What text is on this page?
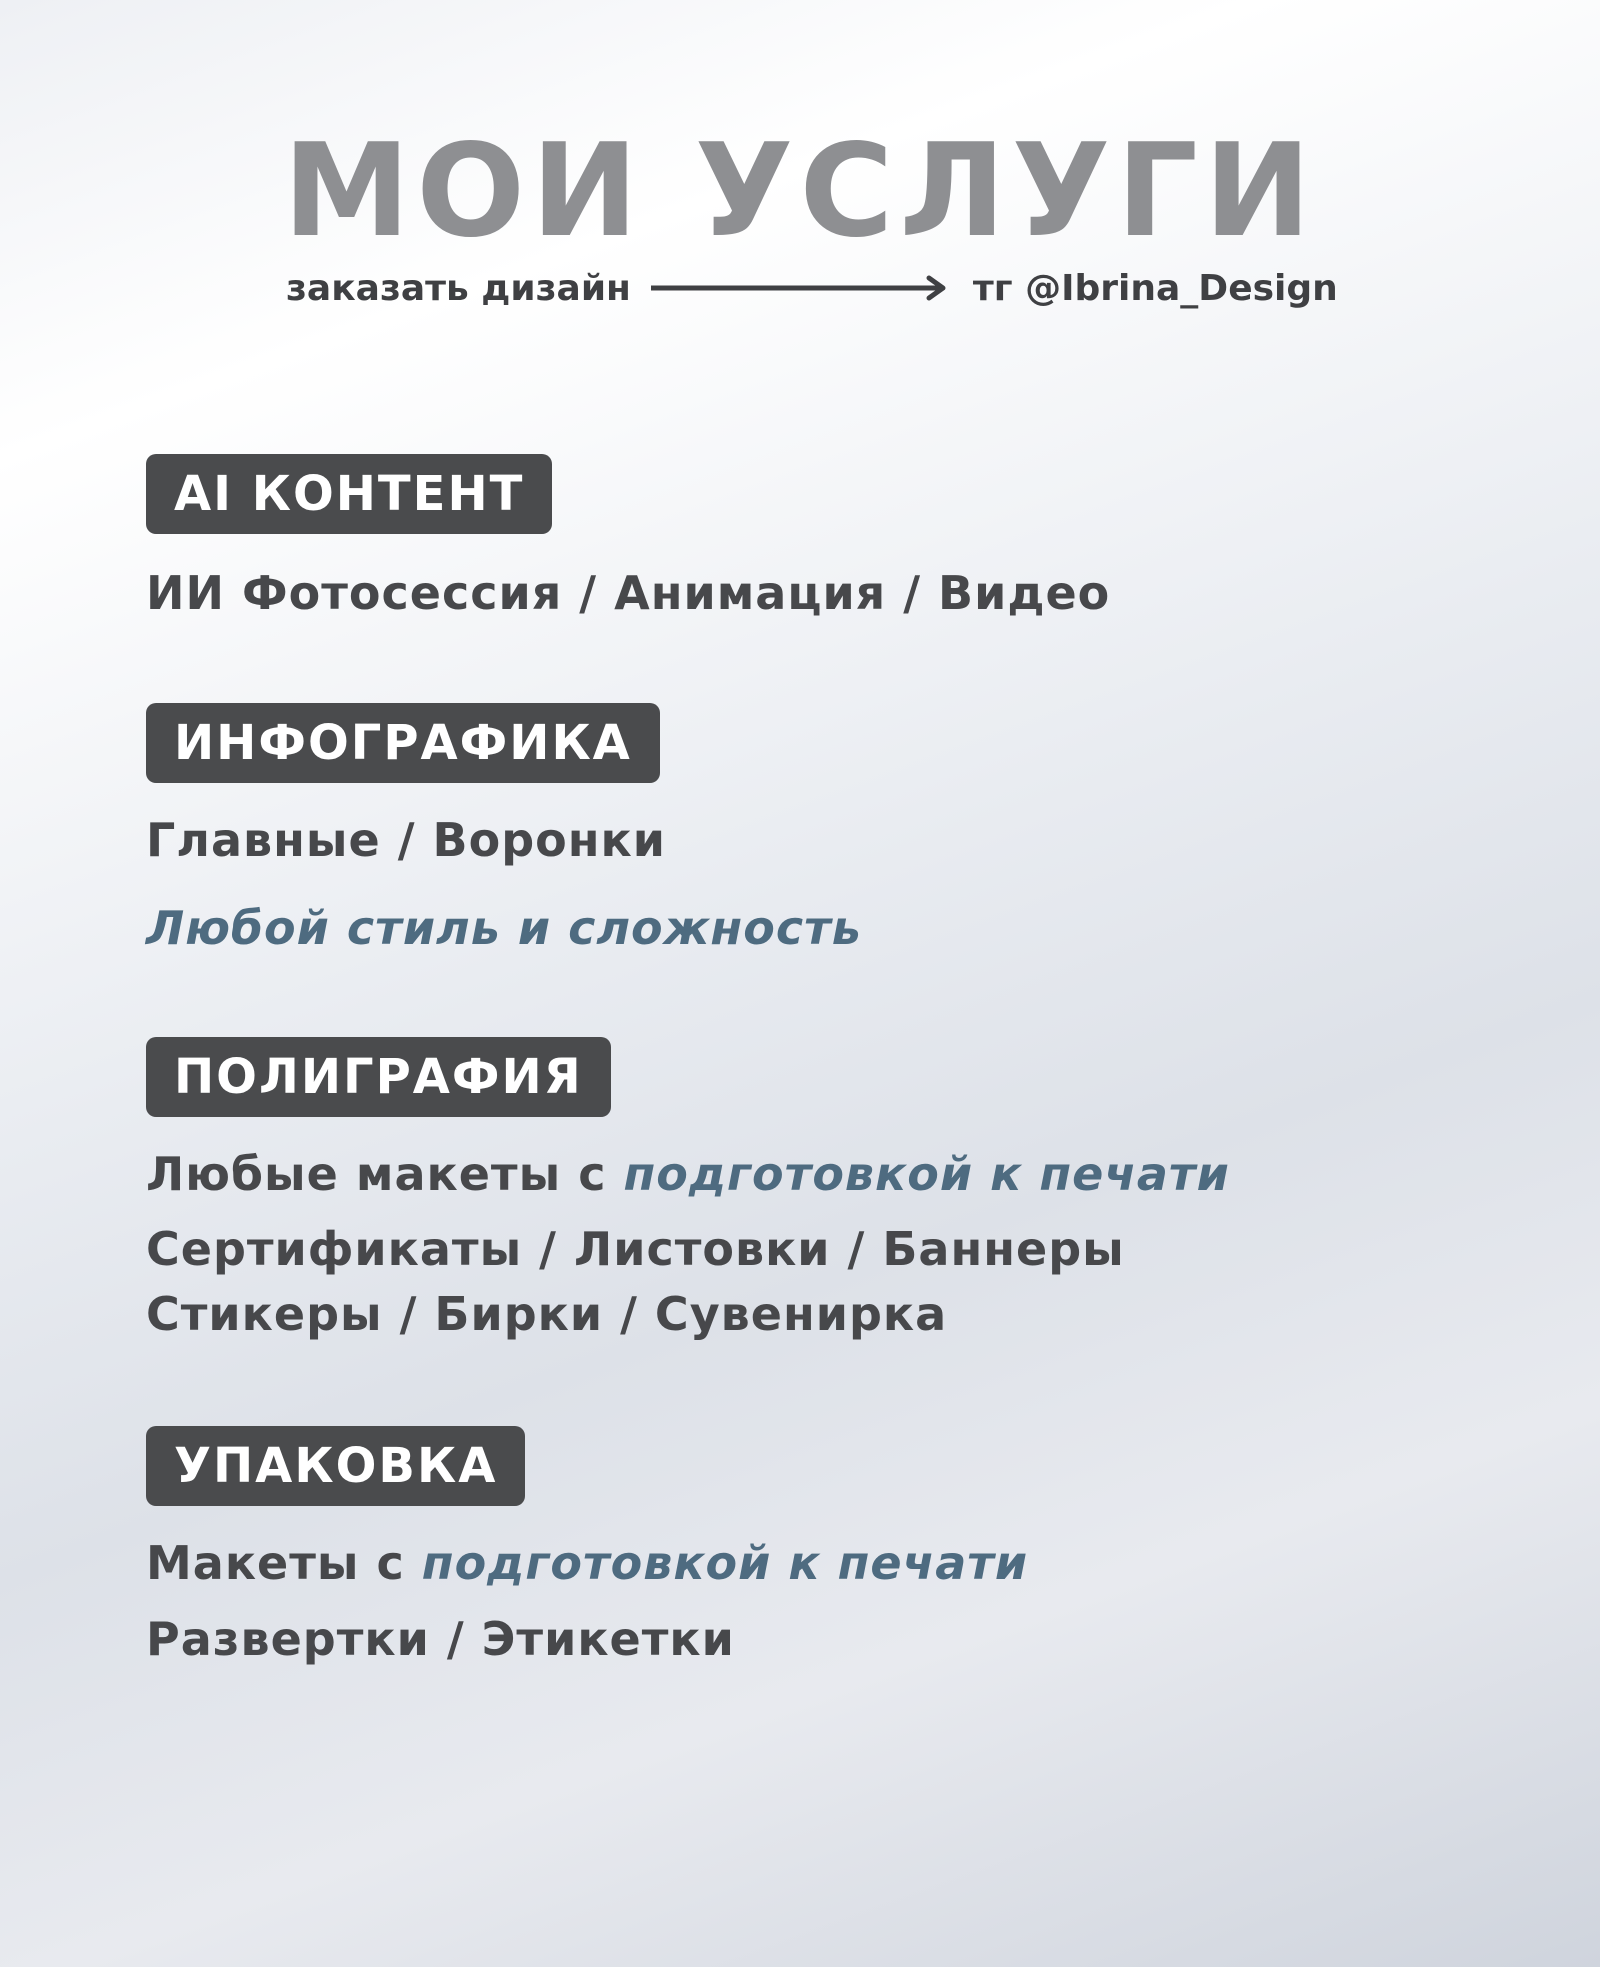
МОИ УСЛУГИ
заказать дизайн	тг @Ibrina_Design
AI КОНТЕНТ
ИИ Фотосессия / Анимация / Видео
ИНФОГРАФИКА
Главные / Воронки
Любой стиль и сложность
ПОЛИГРАФИЯ
Любые макеты с подготовкой к печати
Сертификаты / Листовки / Баннеры
Стикеры / Бирки / Сувенирка
УПАКОВКА
Макеты с подготовкой к печати
Развертки / Этикетки
